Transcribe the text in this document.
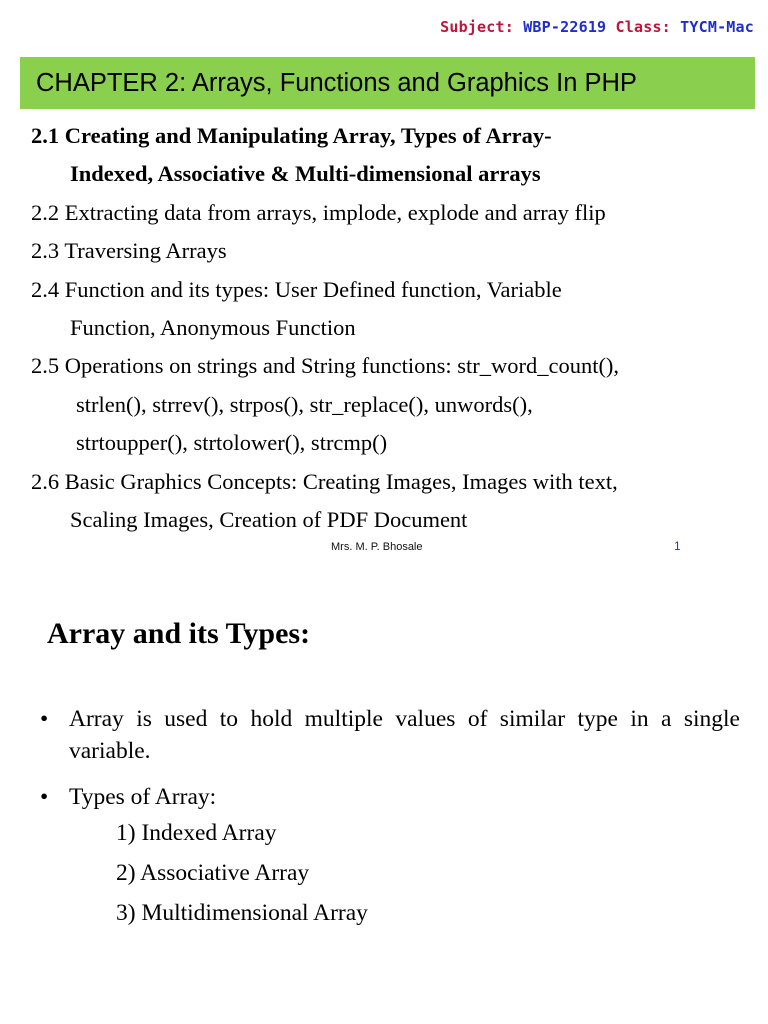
Subject: WBP-22619 Class: TYCM-Mac
CHAPTER 2: Arrays, Functions and Graphics In PHP
2.1 Creating and Manipulating Array, Types of Array-
Indexed, Associative & Multi-dimensional arrays
2.2 Extracting data from arrays, implode, explode and array flip
2.3 Traversing Arrays
2.4 Function and its types: User Defined function, Variable
Function, Anonymous Function
2.5 Operations on strings and String functions: str_word_count(),
strlen(), strrev(), strpos(), str_replace(), unwords(),
strtoupper(), strtolower(), strcmp()
2.6 Basic Graphics Concepts: Creating Images, Images with text,
Scaling Images, Creation of PDF Document
Mrs. M. P. Bhosale	1
Array and its Types:
• Array is used to hold multiple values of similar type in a single variable.
• Types of Array:
1) Indexed Array
2) Associative Array
3) Multidimensional Array
